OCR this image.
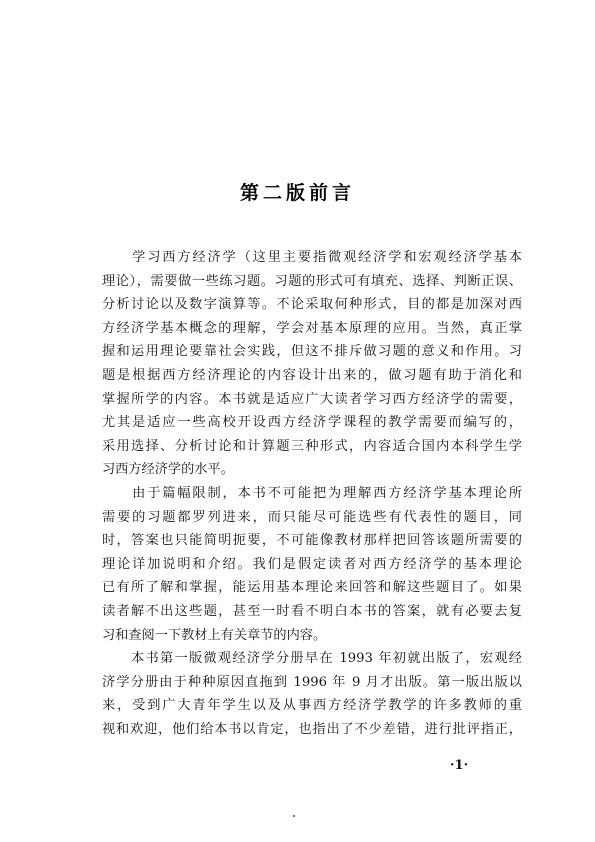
第二版前言
　　学习西方经济学（这里主要指微观经济学和宏观经济学基本
理论），需要做一些练习题。习题的形式可有填充、选择、判断正误、
分析讨论以及数字演算等。不论采取何种形式，目的都是加深对西
方经济学基本概念的理解，学会对基本原理的应用。当然，真正掌
握和运用理论要靠社会实践，但这不排斥做习题的意义和作用。习
题是根据西方经济理论的内容设计出来的，做习题有助于消化和
掌握所学的内容。本书就是适应广大读者学习西方经济学的需要，
尤其是适应一些高校开设西方经济学课程的教学需要而编写的，
采用选择、分析讨论和计算题三种形式，内容适合国内本科学生学
习西方经济学的水平。
　　由于篇幅限制，本书不可能把为理解西方经济学基本理论所
需要的习题都罗列进来，而只能尽可能选些有代表性的题目，同
时，答案也只能简明扼要，不可能像教材那样把回答该题所需要的
理论详加说明和介绍。我们是假定读者对西方经济学的基本理论
已有所了解和掌握，能运用基本理论来回答和解这些题目了。如果
读者解不出这些题，甚至一时看不明白本书的答案，就有必要去复
习和查阅一下教材上有关章节的内容。
　　本书第一版微观经济学分册早在 1993 年初就出版了，宏观经
济学分册由于种种原因直拖到 1996 年 9 月才出版。第一版出版以
来，受到广大青年学生以及从事西方经济学教学的许多教师的重
视和欢迎，他们给本书以肯定，也指出了不少差错，进行批评指正，
·1·
